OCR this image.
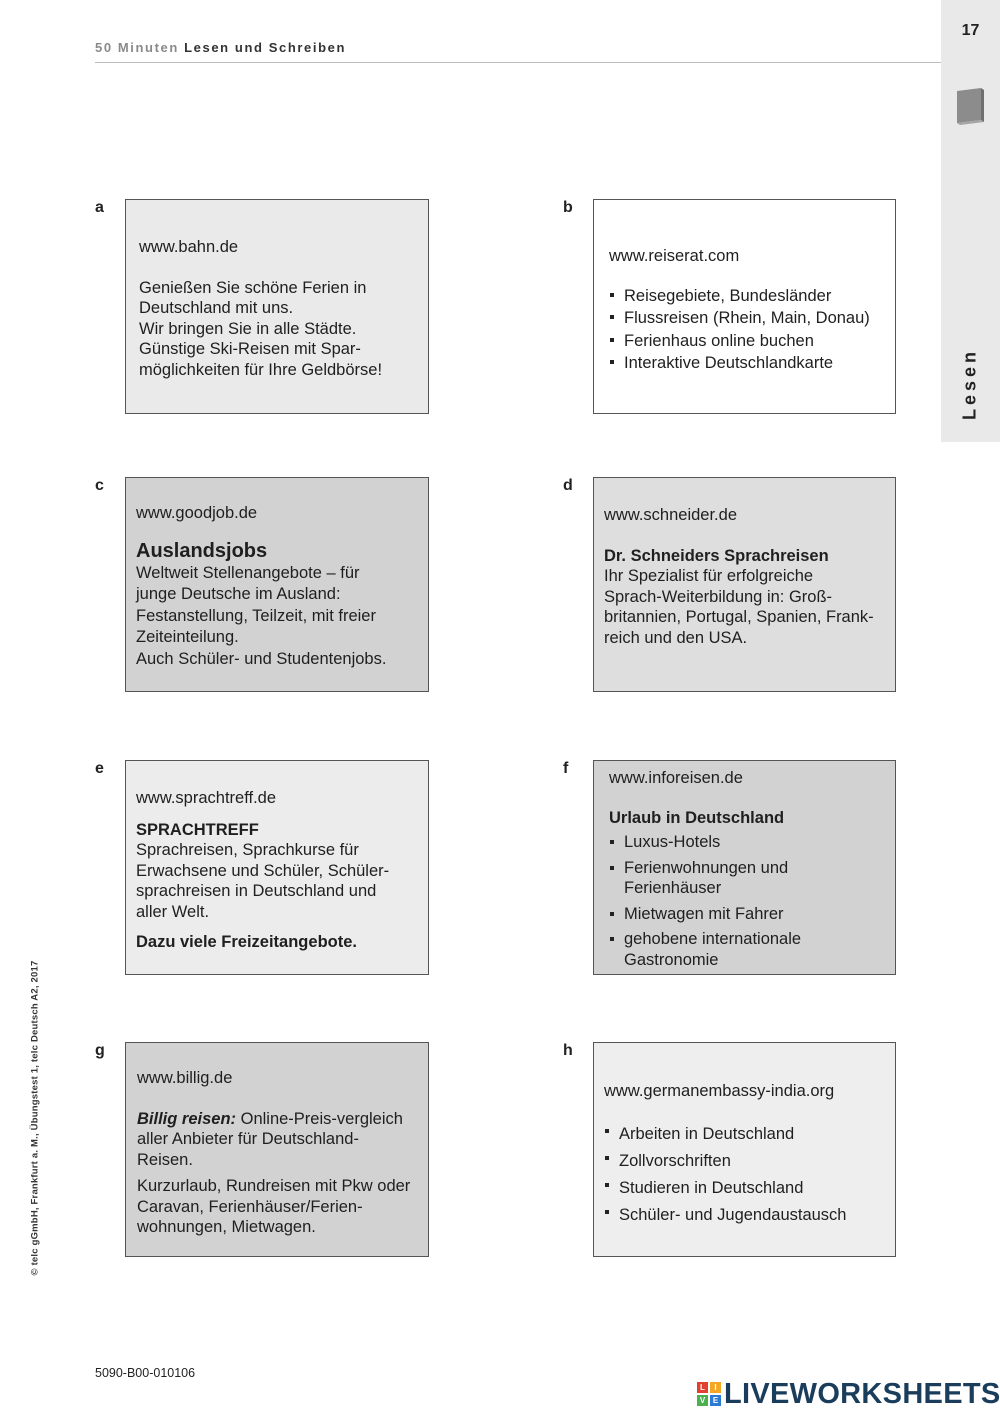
50 Minuten Lesen und Schreiben
17
Lesen
a	b
c	d
e	f
g	h
www.bahn.de

Genießen Sie schöne Ferien in

Deutschland mit uns.

Wir bringen Sie in alle Städte.

Günstige Ski-Reisen mit Spar-

möglichkeiten für Ihre Geldbörse!

www.reiserat.com
Reisegebiete, Bundesländer
Flussreisen (Rhein, Main, Donau)
Ferienhaus online buchen
Interaktive Deutschlandkarte
www.goodjob.de
Auslandsjobs

Weltweit Stellenangebote – für

junge Deutsche im Ausland:

Festanstellung, Teilzeit, mit freier

Zeiteinteilung.

Auch Schüler- und Studentenjobs.

www.schneider.de
Dr. Schneiders Sprachreisen

Ihr Spezialist für erfolgreiche

Sprach-Weiterbildung in: Groß-

britannien, Portugal, Spanien, Frank-

reich und den USA.

www.sprachtreff.de
SPRACHTREFF

Sprachreisen, Sprachkurse für

Erwachsene und Schüler, Schüler-

sprachreisen in Deutschland und

aller Welt.

Dazu viele Freizeitangebote.
www.inforeisen.de
Urlaub in Deutschland
Luxus-Hotels
Ferienwohnungen und Ferienhäuser
Mietwagen mit Fahrer
gehobene internationale Gastronomie
www.billig.de

Billig reisen: Online-Preis-vergleich aller Anbieter für Deutschland-Reisen.

Kurzurlaub, Rundreisen mit Pkw oder Caravan, Ferienhäuser/Ferien-wohnungen, Mietwagen.

www.germanembassy-india.org
Arbeiten in Deutschland
Zollvorschriften
Studieren in Deutschland
Schüler- und Jugendaustausch
© telc gGmbH, Frankfurt a. M., Übungstest 1, telc Deutsch A2, 2017
5090-B00-010106
L	I
V E LIVEWORKSHEETS
